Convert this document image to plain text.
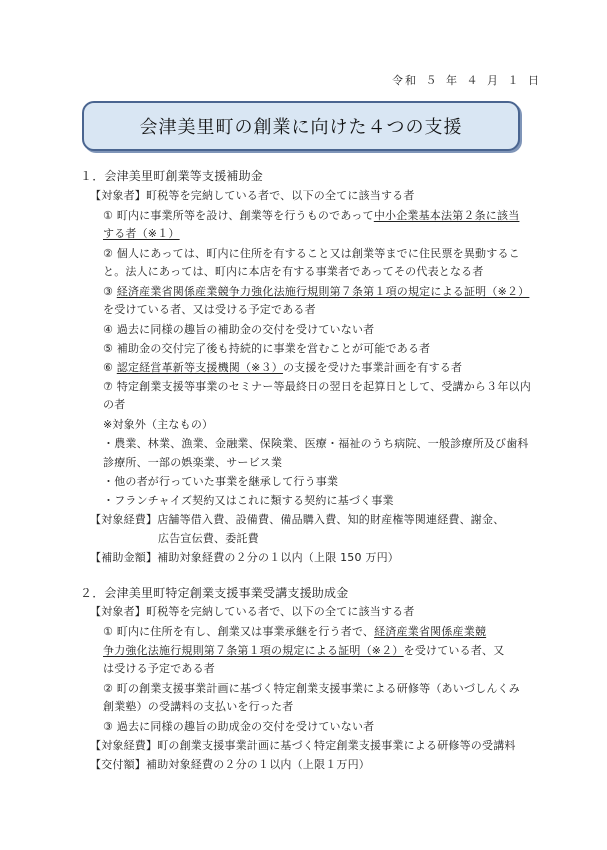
令和 ５ 年 ４ 月 １ 日
会津美里町の創業に向けた４つの支援
１．会津美里町創業等支援補助金
【対象者】町税等を完納している者で、以下の全てに該当する者
① 町内に事業所等を設け、創業等を行うものであって中小企業基本法第２条に該当
する者（※１）
② 個人にあっては、町内に住所を有すること又は創業等までに住民票を異動するこ
と。法人にあっては、町内に本店を有する事業者であってその代表となる者
③ 経済産業省関係産業競争力強化法施行規則第７条第１項の規定による証明（※２）
を受けている者、又は受ける予定である者
④ 過去に同様の趣旨の補助金の交付を受けていない者
⑤ 補助金の交付完了後も持続的に事業を営むことが可能である者
⑥ 認定経営革新等支援機関（※３）の支援を受けた事業計画を有する者
⑦ 特定創業支援等事業のセミナー等最終日の翌日を起算日として、受講から３年以内
の者
※対象外（主なもの）
・農業、林業、漁業、金融業、保険業、医療・福祉のうち病院、一般診療所及び歯科
診療所、一部の娯楽業、サービス業
・他の者が行っていた事業を継承して行う事業
・フランチャイズ契約又はこれに類する契約に基づく事業
【対象経費】店舗等借入費、設備費、備品購入費、知的財産権等関連経費、謝金、
広告宣伝費、委託費
【補助金額】補助対象経費の２分の１以内（上限 150 万円）
２．会津美里町特定創業支援事業受講支援助成金
【対象者】町税等を完納している者で、以下の全てに該当する者
① 町内に住所を有し、創業又は事業承継を行う者で、経済産業省関係産業競
争力強化法施行規則第７条第１項の規定による証明（※２）を受けている者、又
は受ける予定である者
② 町の創業支援事業計画に基づく特定創業支援事業による研修等（あいづしんくみ
創業塾）の受講料の支払いを行った者
③ 過去に同様の趣旨の助成金の交付を受けていない者
【対象経費】町の創業支援事業計画に基づく特定創業支援事業による研修等の受講料
【交付額】補助対象経費の２分の１以内（上限１万円）
